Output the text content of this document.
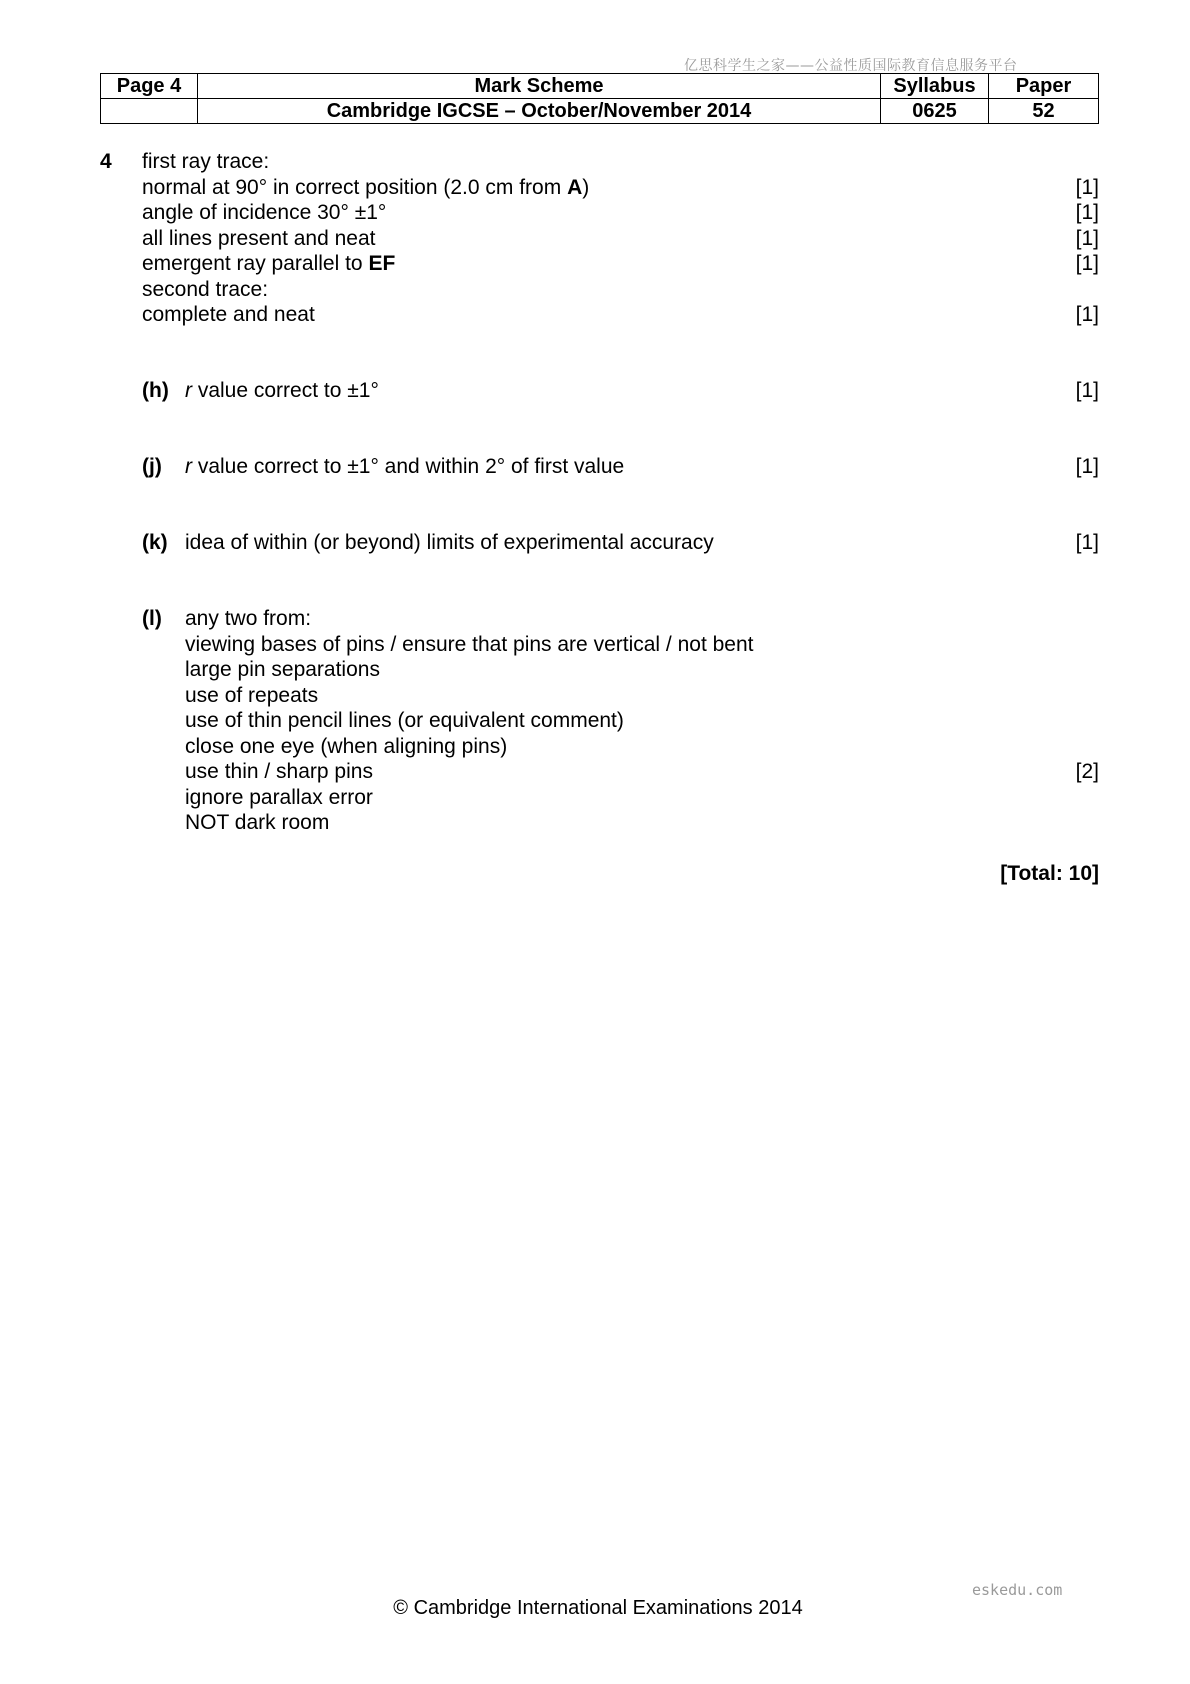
亿思科学生之家——公益性质国际教育信息服务平台
Page 4	Mark Scheme	Syllabus	Paper
	Cambridge IGCSE – October/November 2014	0625	52
4 first ray trace:
normal at 90° in correct position (2.0 cm from A)	[1]
angle of incidence 30° ±1°	[1]
all lines present and neat	[1]
emergent ray parallel to EF	[1]
second trace:
complete and neat	[1]
(h) r value correct to ±1°	[1]
(j) r value correct to ±1° and within 2° of first value	[1]
(k) idea of within (or beyond) limits of experimental accuracy	[1]
(l) any two from:
viewing bases of pins / ensure that pins are vertical / not bent
large pin separations
use of repeats
use of thin pencil lines (or equivalent comment)
close one eye (when aligning pins)
use thin / sharp pins	[2]
ignore parallax error
NOT dark room
[Total: 10]
eskedu.com
© Cambridge International Examinations 2014
